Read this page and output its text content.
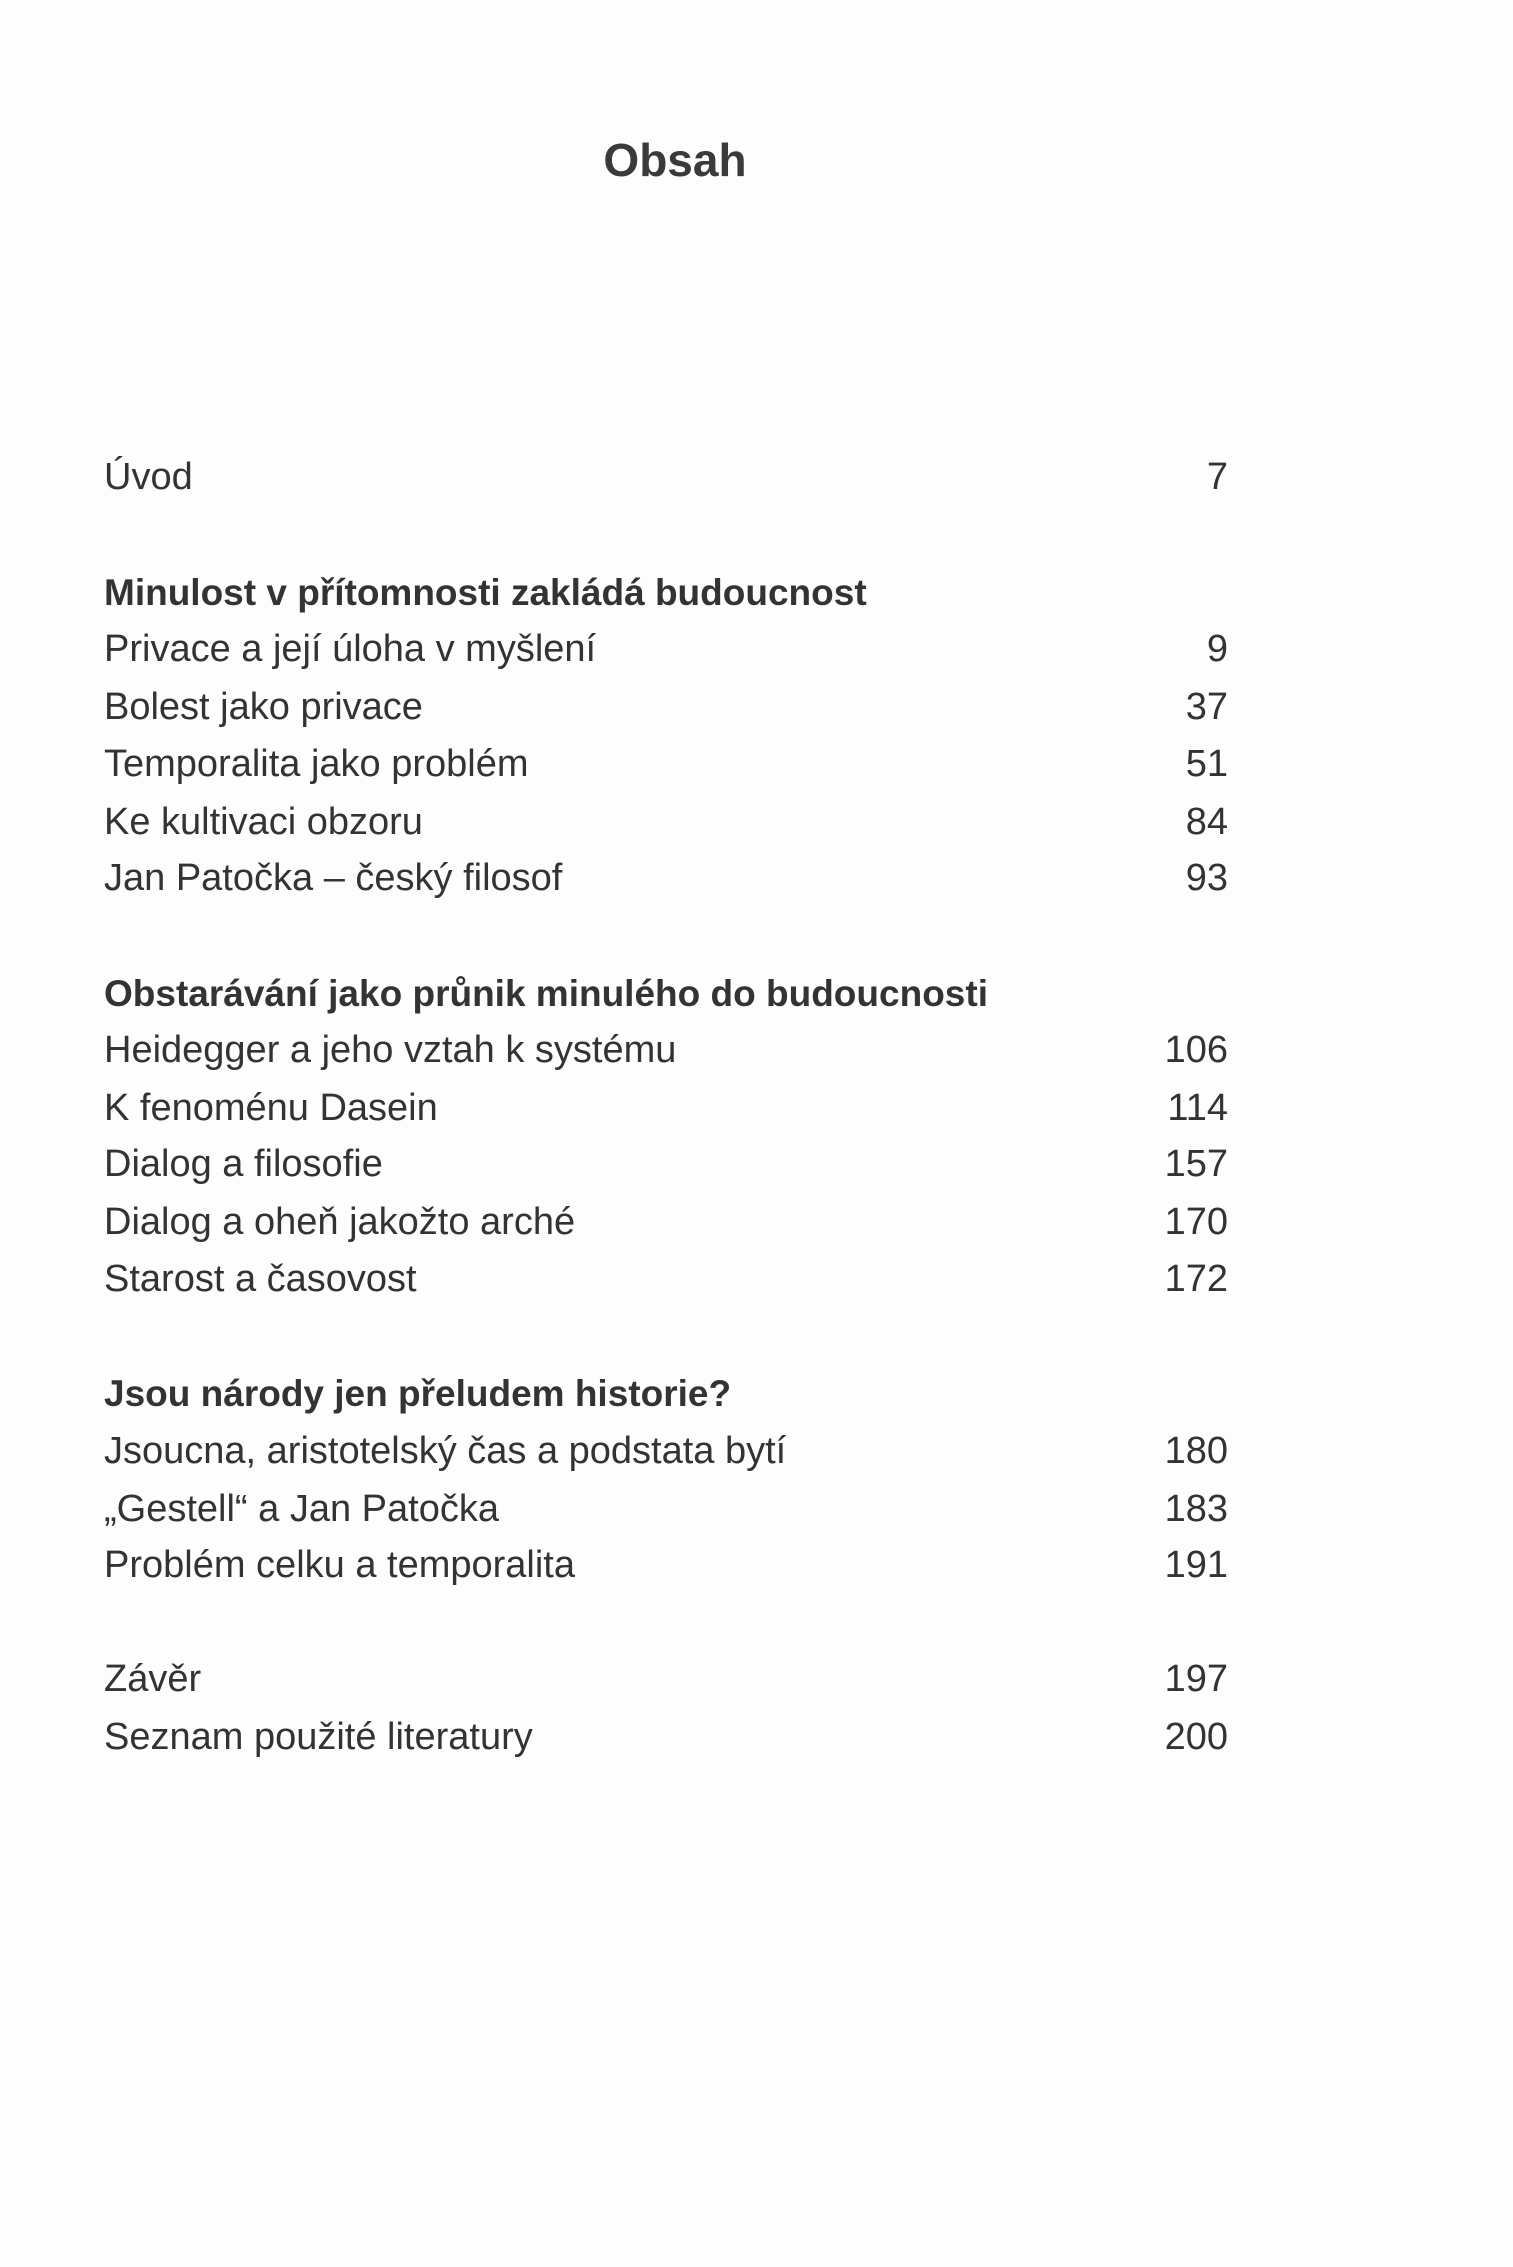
Obsah
Úvod	7
Minulost v přítomnosti zakládá budoucnost
Privace a její úloha v myšlení	9
Bolest jako privace	37
Temporalita jako problém	51
Ke kultivaci obzoru	84
Jan Patočka – český filosof	93
Obstarávání jako průnik minulého do budoucnosti
Heidegger a jeho vztah k systému	106
K fenoménu Dasein	114
Dialog a filosofie	157
Dialog a oheň jakožto arché	170
Starost a časovost	172
Jsou národy jen přeludem historie?
Jsoucna, aristotelský čas a podstata bytí	180
„Gestell“ a Jan Patočka	183
Problém celku a temporalita	191
Závěr	197
Seznam použité literatury	200
